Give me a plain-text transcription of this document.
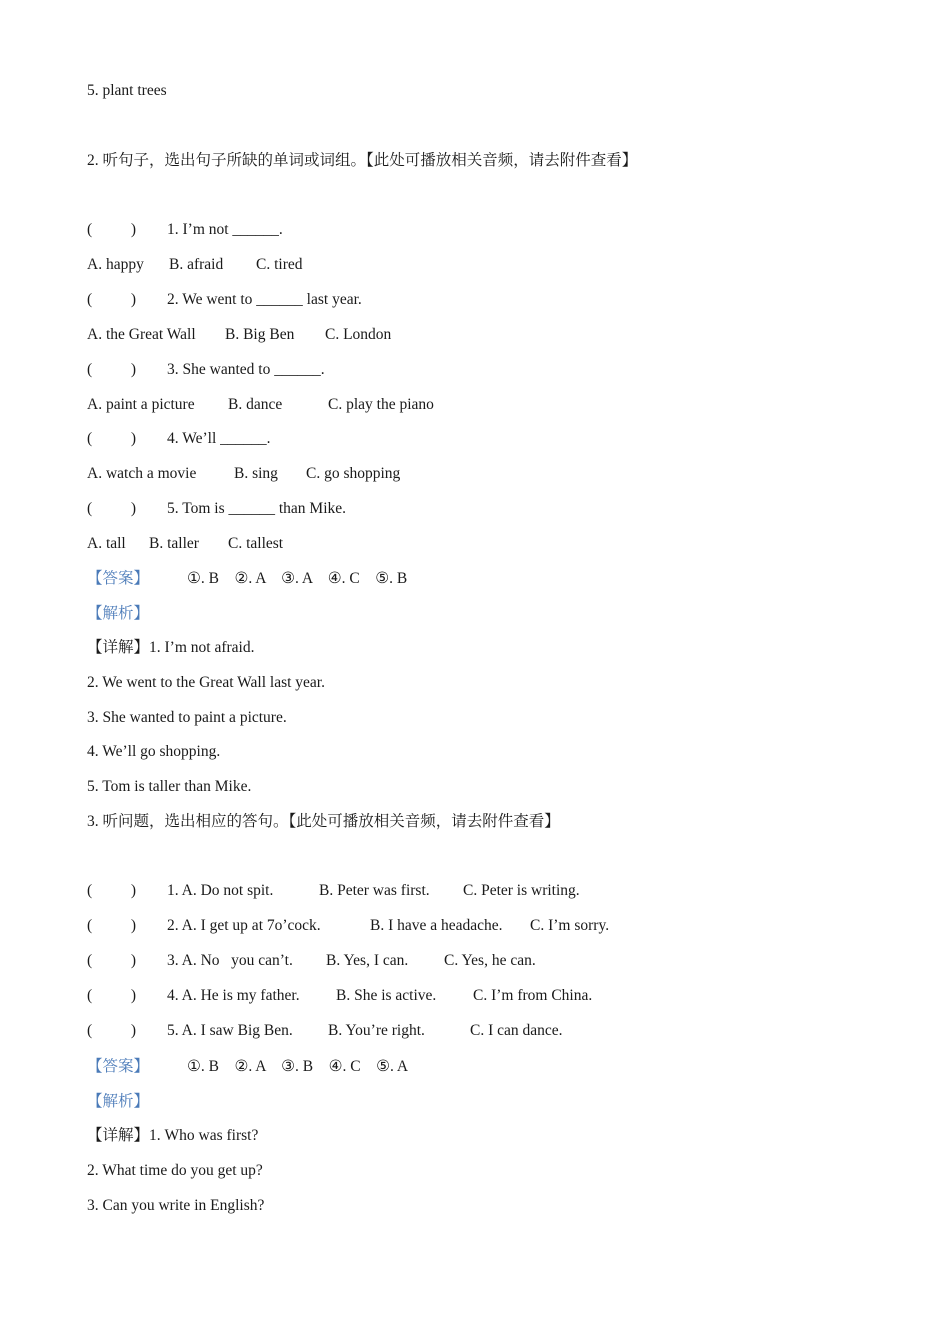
5. plant trees
2. 听句子，选出句子所缺的单词或词组。【此处可播放相关音频，请去附件查看】
(          ) 1. I’m not ______.
A. happy B. afraid C. tired
(          ) 2. We went to ______ last year.
A. the Great Wall B. Big Ben C. London
(          ) 3. She wanted to ______.
A. paint a picture B. dance	C. play the piano
(          ) 4. We’ll ______.
A. watch a movie B. sing C. go shopping
(          ) 5. Tom is ______ than Mike.
A. tall B. taller C. tallest
【答案】 ①. B    ②. A    ③. A    ④. C    ⑤. B
【解析】
【详解】1. I’m not afraid.
2. We went to the Great Wall last year.
3. She wanted to paint a picture.
4. We’ll go shopping.
5. Tom is taller than Mike.
3. 听问题，选出相应的答句。【此处可播放相关音频，请去附件查看】
(          ) 1. A. Do not spit.	B. Peter was first. C. Peter is writing.
(          ) 2. A. I get up at 7o’cock.	B. I have a headache. C. I’m sorry.
(          ) 3. A. No   you can’t. B. Yes, I can. C. Yes, he can.
(          ) 4. A. He is my father. B. She is active. C. I’m from China.
(          ) 5. A. I saw Big Ben. B. You’re right.	C. I can dance.
【答案】 ①. B    ②. A    ③. B    ④. C    ⑤. A
【解析】
【详解】1. Who was first?
2. What time do you get up?
3. Can you write in English?
